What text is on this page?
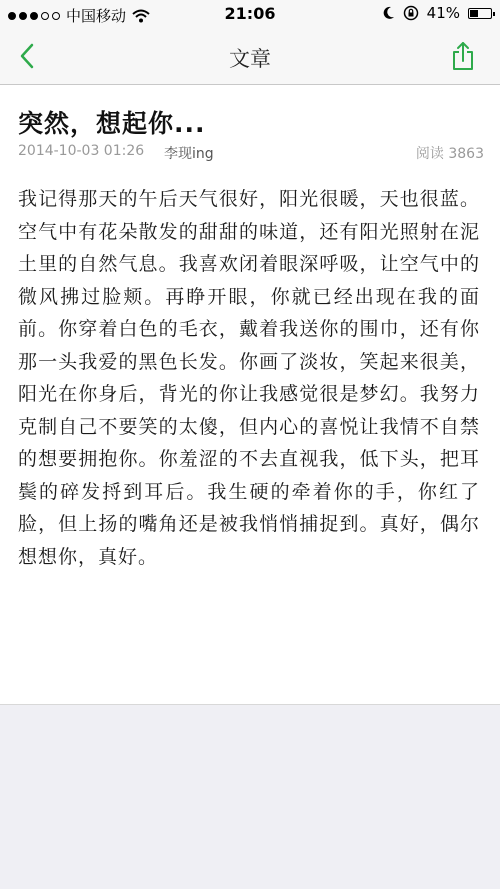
中国移动	21:06	41%
文章
突然，想起你...
2014-10-03 01:26 李现ing	阅读 3863

我记得那天的午后天气很好，阳光很暖，天也很蓝。空气中有花朵散发的甜甜的味道，还有阳光照射在泥土里的自然气息。我喜欢闭着眼深呼吸，让空气中的微风拂过脸颊。再睁开眼，你就已经出现在我的面前。你穿着白色的毛衣，戴着我送你的围巾，还有你那一头我爱的黑色长发。你画了淡妆，笑起来很美，阳光在你身后，背光的你让我感觉很是梦幻。我努力克制自己不要笑的太傻，但内心的喜悦让我情不自禁的想要拥抱你。你羞涩的不去直视我，低下头，把耳鬓的碎发捋到耳后。我生硬的牵着你的手，你红了脸，但上扬的嘴角还是被我悄悄捕捉到。真好，偶尔想想你，真好。
